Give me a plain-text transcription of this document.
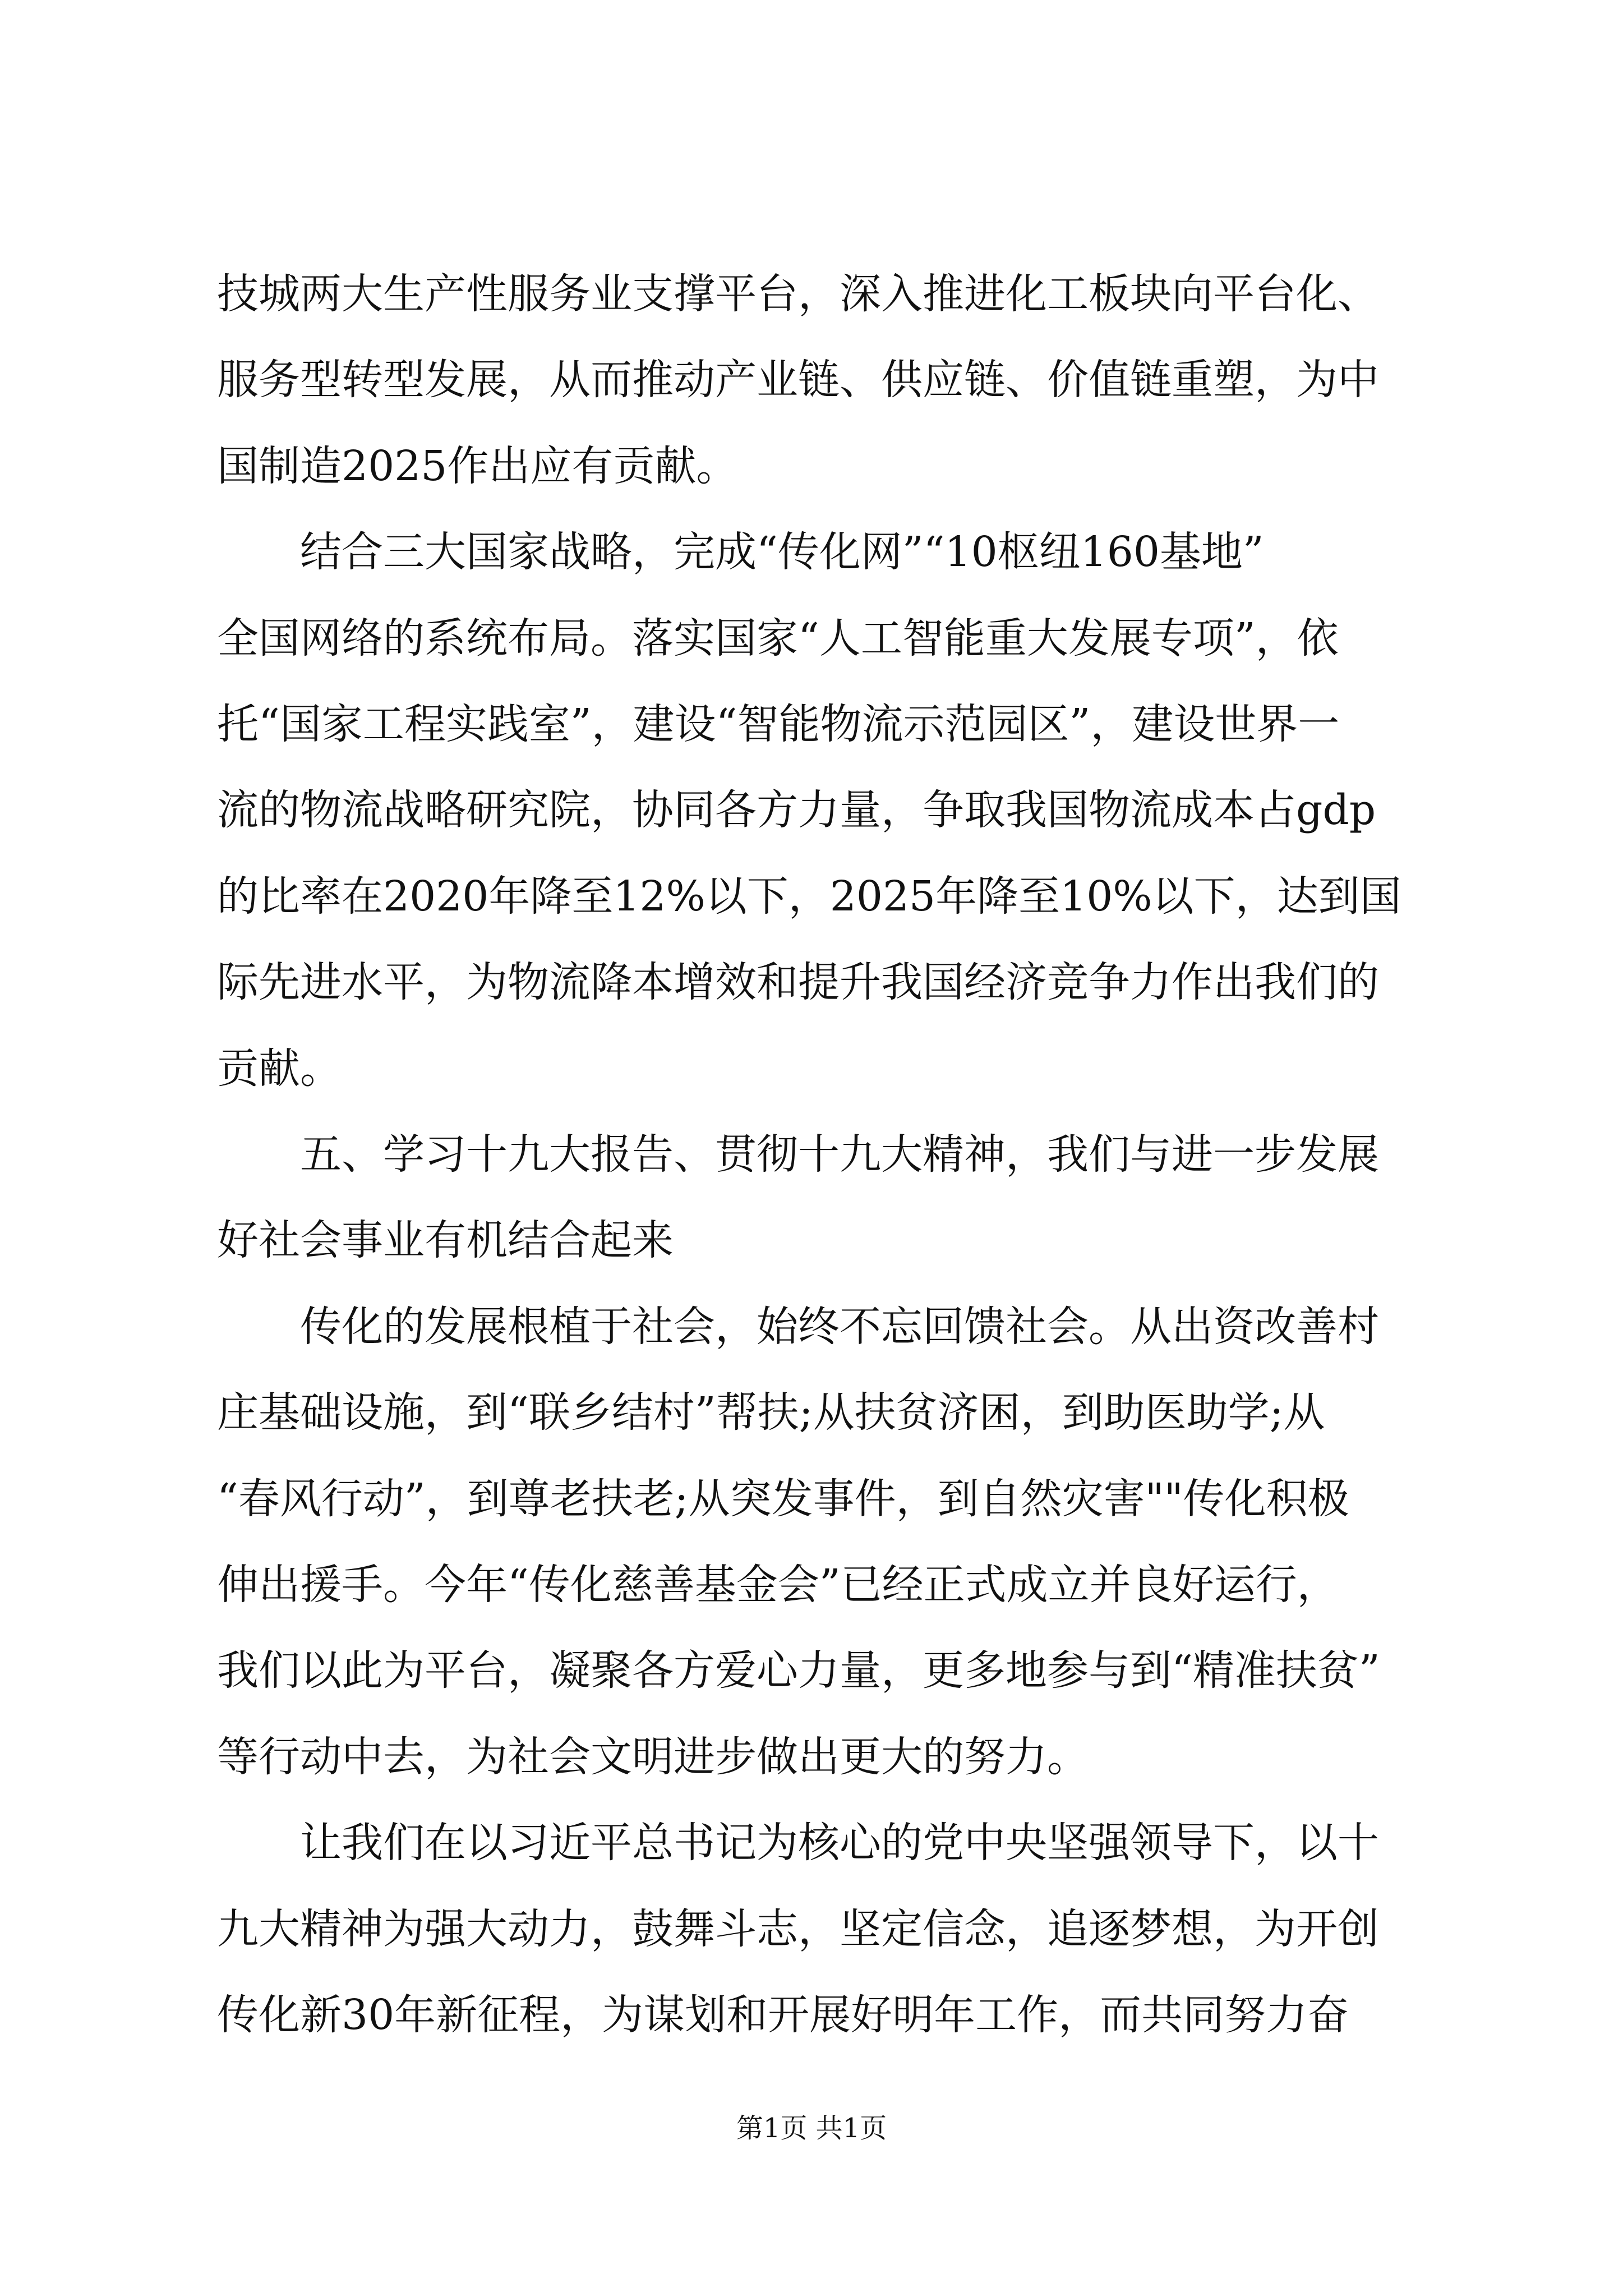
技城两大生产性服务业支撑平台，深入推进化工板块向平台化、
服务型转型发展，从而推动产业链、供应链、价值链重塑，为中
国制造2025作出应有贡献。
　　结合三大国家战略，完成“传化网”“10枢纽160基地”
全国网络的系统布局。落实国家“人工智能重大发展专项”，依
托“国家工程实践室”，建设“智能物流示范园区”，建设世界一
流的物流战略研究院，协同各方力量，争取我国物流成本占gdp
的比率在2020年降至12%以下，2025年降至10%以下，达到国
际先进水平，为物流降本增效和提升我国经济竞争力作出我们的
贡献。
　　五、学习十九大报告、贯彻十九大精神，我们与进一步发展
好社会事业有机结合起来
　　传化的发展根植于社会，始终不忘回馈社会。从出资改善村
庄基础设施，到“联乡结村”帮扶;从扶贫济困，到助医助学;从
“春风行动”，到尊老扶老;从突发事件，到自然灾害""传化积极
伸出援手。今年“传化慈善基金会”已经正式成立并良好运行，
我们以此为平台，凝聚各方爱心力量，更多地参与到“精准扶贫”
等行动中去，为社会文明进步做出更大的努力。
　　让我们在以习近平总书记为核心的党中央坚强领导下，以十
九大精神为强大动力，鼓舞斗志，坚定信念，追逐梦想，为开创
传化新30年新征程，为谋划和开展好明年工作，而共同努力奋
第1页 共1页
